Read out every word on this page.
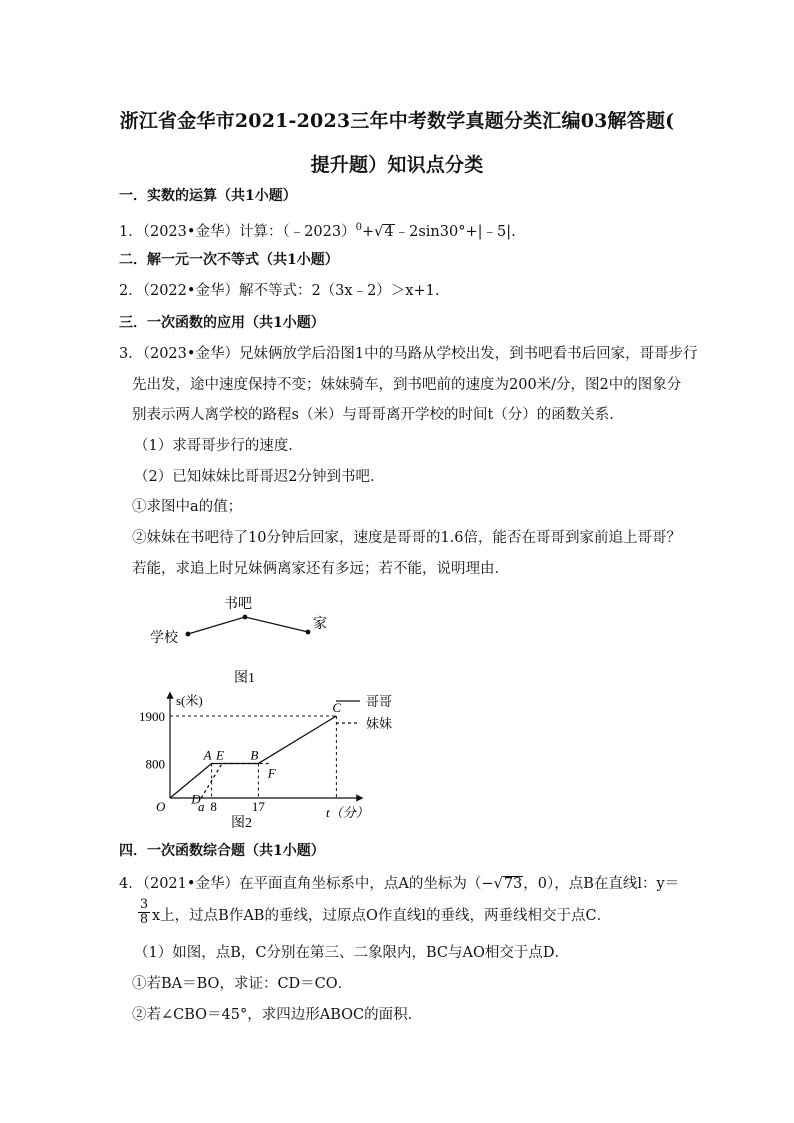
浙江省金华市2021-2023三年中考数学真题分类汇编03解答题(
提升题）知识点分类
一．实数的运算（共1小题）
1．（2023•金华）计算：（﹣2023）$^0$+√4﹣2sin30°+|﹣5|.
二．解一元一次不等式（共1小题）
2．（2022•金华）解不等式：2（3x﹣2）＞x+1.
三．一次函数的应用（共1小题）
3．（2023•金华）兄妹俩放学后沿图1中的马路从学校出发，到书吧看书后回家，哥哥步行
先出发，途中速度保持不变；妹妹骑车，到书吧前的速度为200米/分，图2中的图象分
别表示两人离学校的路程s（米）与哥哥离开学校的时间t（分）的函数关系．
（1）求哥哥步行的速度．
（2）已知妹妹比哥哥迟2分钟到书吧．
①求图中a的值；
②妹妹在书吧待了10分钟后回家，速度是哥哥的1.6倍，能否在哥哥到家前追上哥哥？
若能，求追上时兄妹俩离家还有多远；若不能，说明理由．
学校
书吧
家
图1
s(米)
t（分）
O
1900
800
a 8	17
A E B
C
F
D
图2
哥哥
妹妹
四．一次函数综合题（共1小题）
4．（2021•金华）在平面直角坐标系中，点A的坐标为（−√73，0），点B在直线l：y＝
$\frac{3}{8}$ x上，过点B作AB的垂线，过原点O作直线l的垂线，两垂线相交于点C．
（1）如图，点B，C分别在第三、二象限内，BC与AO相交于点D．
①若BA＝BO，求证：CD＝CO．
②若∠CBO＝45°，求四边形ABOC的面积．
